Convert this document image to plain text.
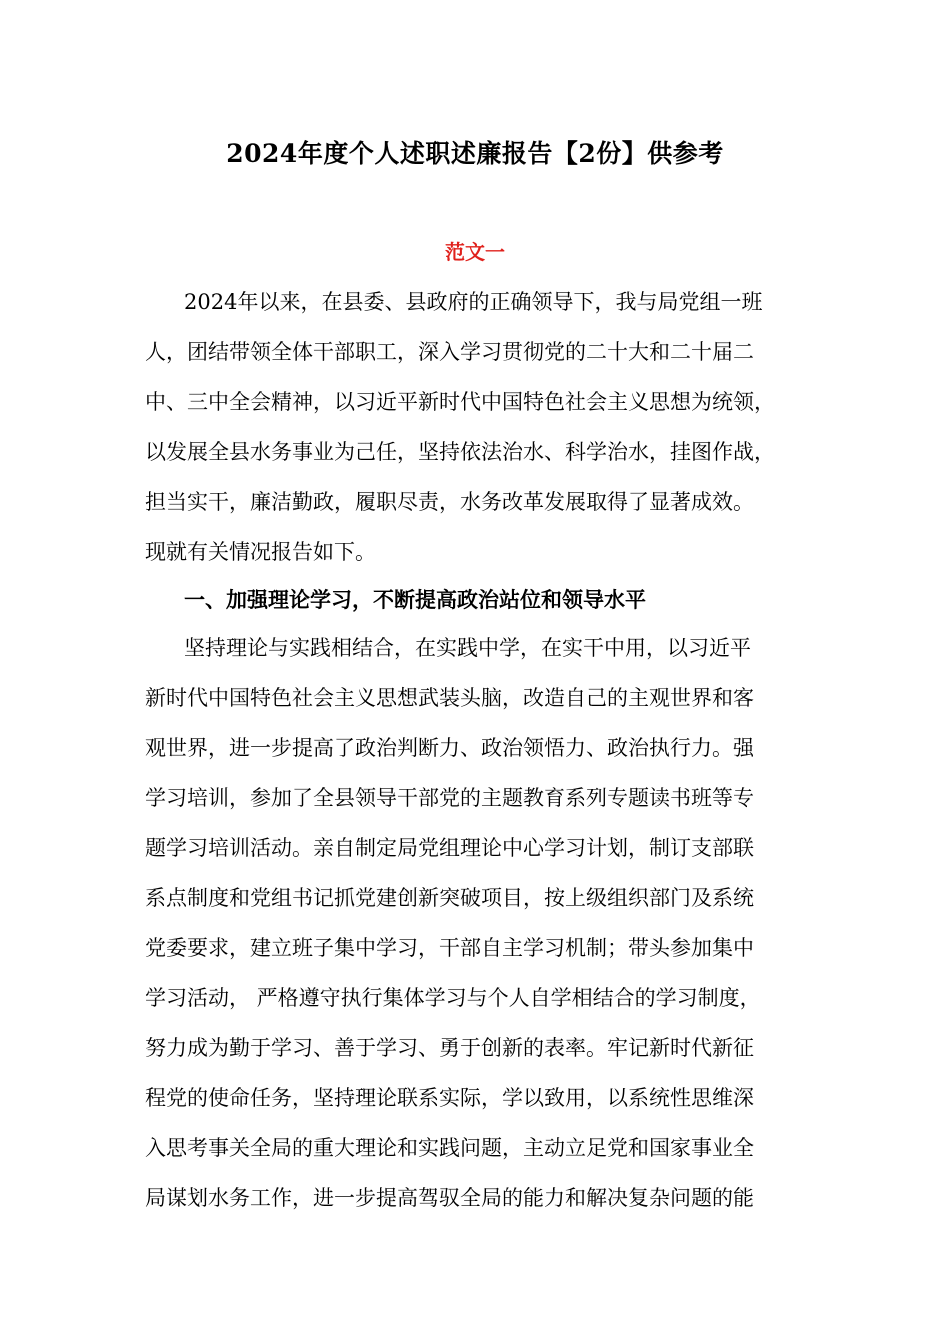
2024年度个人述职述廉报告【2份】供参考
范文一
2024年以来，在县委、县政府的正确领导下，我与局党组一班
人，团结带领全体干部职工，深入学习贯彻党的二十大和二十届二
中、三中全会精神，以习近平新时代中国特色社会主义思想为统领，
以发展全县水务事业为己任，坚持依法治水、科学治水，挂图作战，
担当实干，廉洁勤政，履职尽责，水务改革发展取得了显著成效。
现就有关情况报告如下。
一、加强理论学习，不断提高政治站位和领导水平
坚持理论与实践相结合，在实践中学，在实干中用，以习近平
新时代中国特色社会主义思想武装头脑，改造自己的主观世界和客
观世界，进一步提高了政治判断力、政治领悟力、政治执行力。强
学习培训，参加了全县领导干部党的主题教育系列专题读书班等专
题学习培训活动。亲自制定局党组理论中心学习计划，制订支部联
系点制度和党组书记抓党建创新突破项目，按上级组织部门及系统
党委要求，建立班子集中学习，干部自主学习机制；带头参加集中
学习活动， 严格遵守执行集体学习与个人自学相结合的学习制度，
努力成为勤于学习、善于学习、勇于创新的表率。牢记新时代新征
程党的使命任务，坚持理论联系实际，学以致用，以系统性思维深
入思考事关全局的重大理论和实践问题，主动立足党和国家事业全
局谋划水务工作，进一步提高驾驭全局的能力和解决复杂问题的能
